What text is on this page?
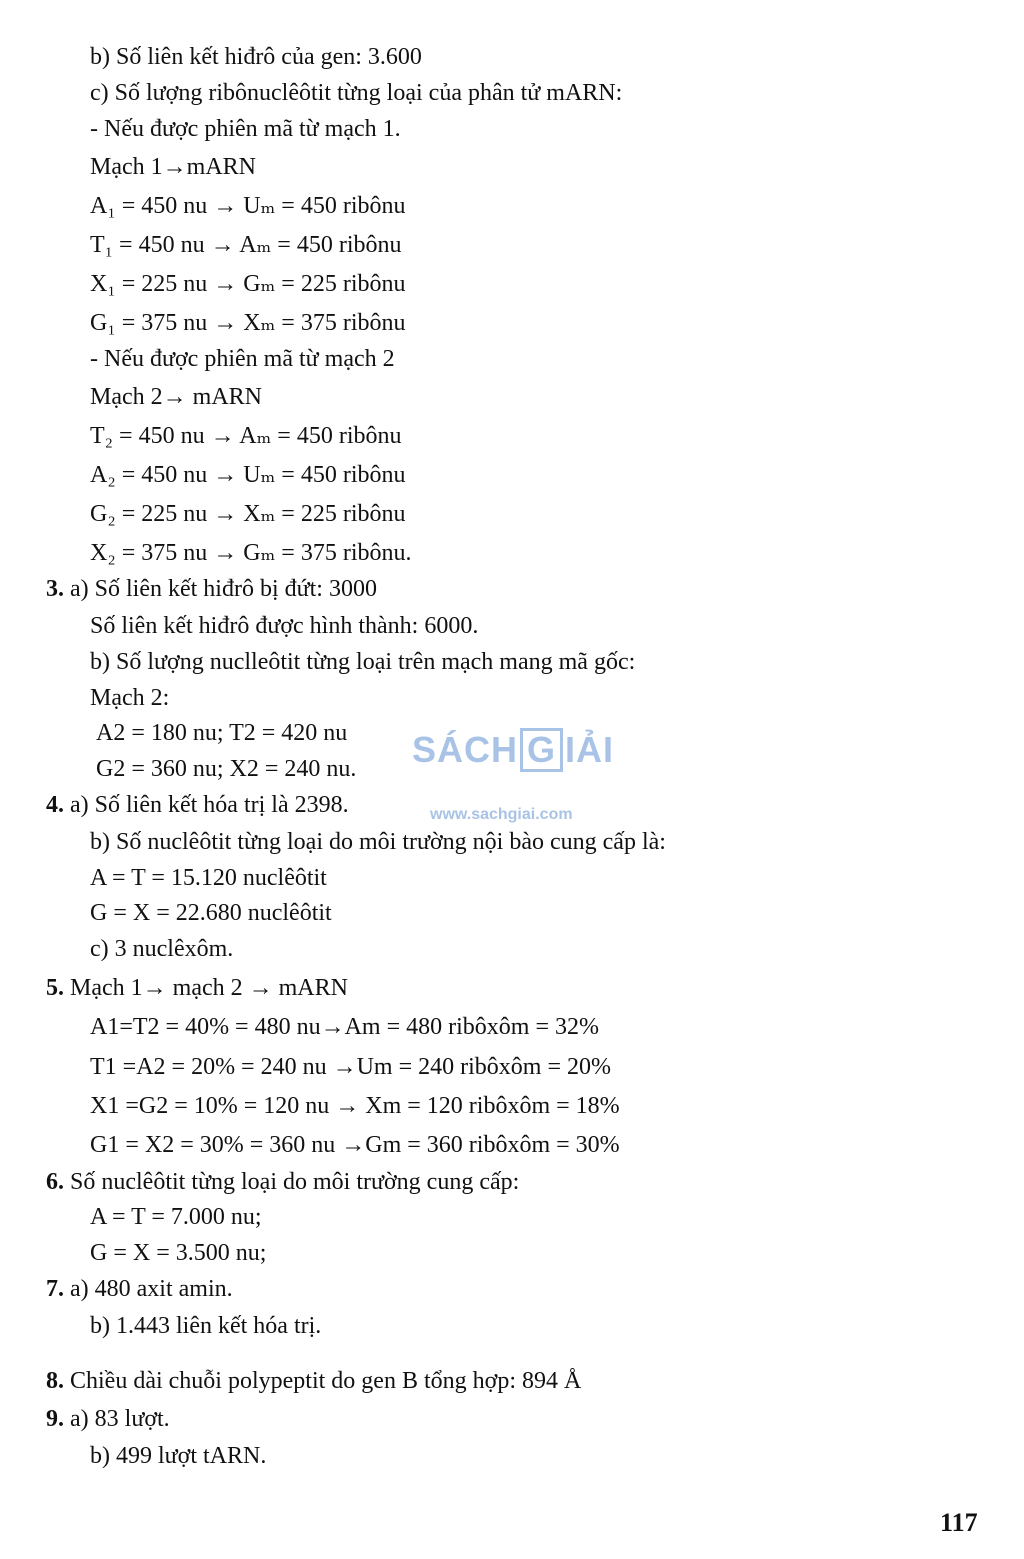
b) Số liên kết hiđrô của gen: 3.600
c) Số lượng ribônuclêôtit từng loại của phân tử mARN:
- Nếu được phiên mã từ mạch 1.
Mạch 1→mARN
A₁ = 450 nu → Uₘ = 450 ribônu
T₁ = 450 nu → Aₘ = 450 ribônu
X₁ = 225 nu → Gₘ = 225 ribônu
G₁ = 375 nu → Xₘ = 375 ribônu
- Nếu được phiên mã từ mạch 2
Mạch 2→ mARN
T₂ = 450 nu → Aₘ = 450 ribônu
A₂ = 450 nu → Uₘ = 450 ribônu
G₂ = 225 nu → Xₘ = 225 ribônu
X₂ = 375 nu → Gₘ = 375 ribônu.
3. a) Số liên kết hiđrô bị đứt: 3000
Số liên kết hiđrô được hình thành: 6000.
b) Số lượng nuclleôtit từng loại trên mạch mang mã gốc:
Mạch 2:
A2 = 180 nu; T2 = 420 nu
G2 = 360 nu; X2 = 240 nu.
4. a) Số liên kết hóa trị là 2398.
b) Số nuclêôtit từng loại do môi trường nội bào cung cấp là:
A = T = 15.120 nuclêôtit
G = X = 22.680 nuclêôtit
c) 3 nuclêxôm.
5. Mạch 1→ mạch 2 → mARN
A1=T2 = 40% = 480 nu→Am = 480 ribôxôm = 32%
T1 =A2 = 20% = 240 nu →Um = 240 ribôxôm = 20%
X1 =G2 = 10% = 120 nu → Xm = 120 ribôxôm = 18%
G1 = X2 = 30% = 360 nu →Gm = 360 ribôxôm = 30%
6. Số nuclêôtit từng loại do môi trường cung cấp:
A = T = 7.000 nu;
G = X = 3.500 nu;
7. a) 480 axit amin.
b) 1.443 liên kết hóa trị.
8. Chiều dài chuỗi polypeptit do gen B tổng hợp: 894 Å
9. a) 83 lượt.
b) 499 lượt tARN.
SÁCH G IẢI
www.sachgiai.com
117
